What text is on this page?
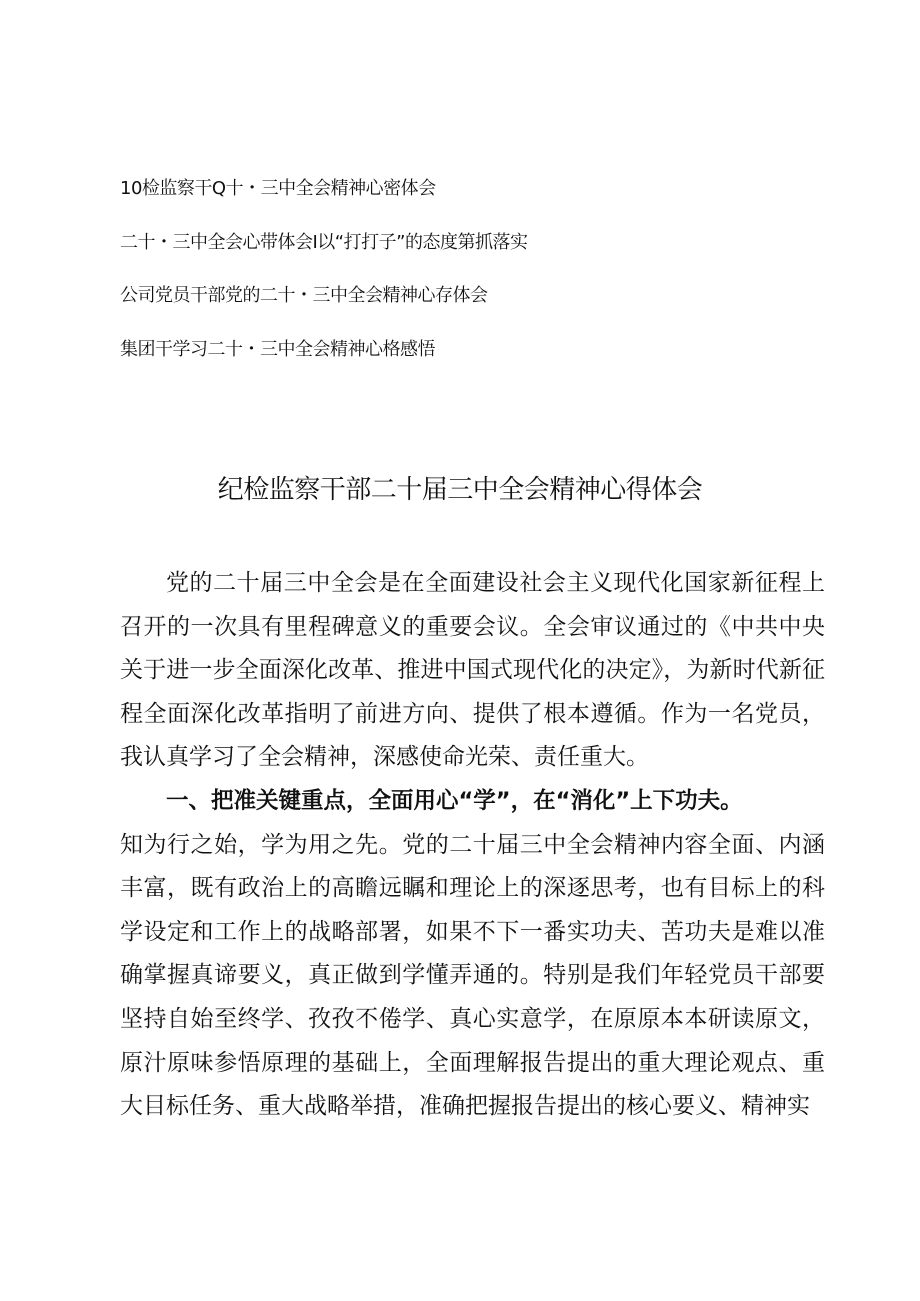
10检监察干Q十・三中全会精神心密体会
二十・三中全会心带体会I以“打打子”的态度第抓落实
公司党员干部党的二十・三中全会精神心存体会
集团干学习二十・三中全会精神心格感悟
纪检监察干部二十届三中全会精神心得体会

党的二十届三中全会是在全面建设社会主义现代化国家新征程上召开的一次具有里程碑意义的重要会议。全会审议通过的《中共中央关于进一步全面深化改革、推进中国式现代化的决定》，为新时代新征程全面深化改革指明了前进方向、提供了根本遵循。作为一名党员，我认真学习了全会精神，深感使命光荣、责任重大。

一、把准关键重点，全面用心“学”，在“消化”上下功夫。

知为行之始，学为用之先。党的二十届三中全会精神内容全面、内涵丰富，既有政治上的高瞻远瞩和理论上的深逐思考，也有目标上的科学设定和工作上的战略部署，如果不下一番实功夫、苦功夫是难以准确掌握真谛要义，真正做到学懂弄通的。特别是我们年轻党员干部要坚持自始至终学、孜孜不倦学、真心实意学，在原原本本研读原文，原汁原味参悟原理的基础上，全面理解报告提出的重大理论观点、重大目标任务、重大战略举措，准确把握报告提出的核心要义、精神实
